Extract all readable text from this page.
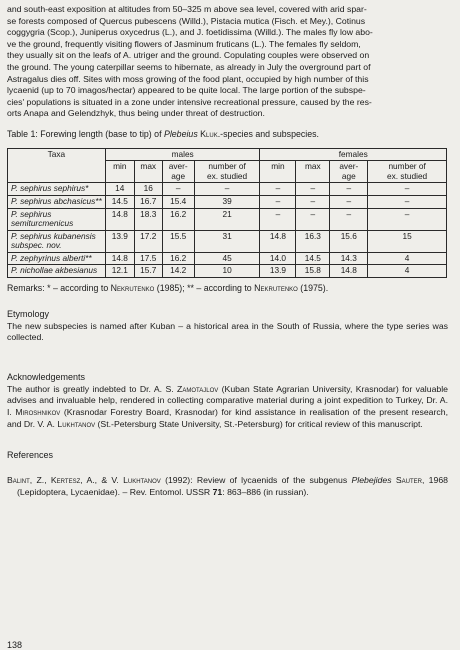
and south-east exposition at altitudes from 50–325 m above sea level, covered with arid spar-
se forests composed of Quercus pubescens (Willd.), Pistacia mutica (Fisch. et Mey.), Cotinus
coggygria (Scop.), Juniperus oxycedrus (L.), and J. foetidissima (Willd.). The males fly low abo-
ve the ground, frequently visiting flowers of Jasminum fruticans (L.). The females fly seldom,
they usually sit on the leafs of A. utriger and the ground. Copulating couples were observed on
the ground. The young caterpillar seems to hibernate, as already in July the overground part of
Astragalus dies off. Sites with moss growing of the food plant, occupied by high number of this
lycaenid (up to 70 imagos/hectar) appeared to be quite local. The large portion of the subspe-
cies' populations is situated in a zone under intensive recreational pressure, caused by the res-
orts Anapa and Gelendzhyk, thus being under threat of destruction.

Table 1: Forewing length (base to tip) of Plebeius Kluk.-species and subspecies.

Taxa	males				females			
	min	max	aver-
age	number of
ex. studied	min	max	aver-
age	number of
ex. studied
P. sephirus sephirus*	14	16	–	–	–	–	–	–
P. sephirus abchasicus**	14.5	16.7	15.4	39	–	–	–	–
P. sephirus
semiturcmenicus	14.8	18.3	16.2	21	–	–	–	–
P. sephirus kubanensis
subspec. nov.	13.9	17.2	15.5	31	14.8	16.3	15.6	15
P. zephyrinus alberti**	14.8	17.5	16.2	45	14.0	14.5	14.3	4
P. nichollae akbesianus	12.1	15.7	14.2	10	13.9	15.8	14.8	4

Remarks: * – according to Nekrutenko (1985); ** – according to Nekrutenko (1975).

Etymology

The new subspecies is named after Kuban – a historical area in the South of Russia, where the type series was collected.

Acknowledgements

The author is greatly indebted to Dr. A. S. Zamotajlov (Kuban State Agrarian University, Krasnodar) for valuable advises and invaluable help, rendered in collecting comparative material during a joint expedition to Turkey, Dr. A. I. Miroshnikov (Krasnodar Forestry Board, Krasnodar) for kind assistance in realisation of the present research, and Dr. V. A. Lukhtanov (St.-Petersburg State University, St.-Petersburg) for critical review of this manuscript.

References

Balint, Z., Kertesz, A., & V. Lukhtanov (1992): Review of lycaenids of the subgenus Plebejides Sauter, 1968 (Lepidoptera, Lycaenidae). – Rev. Entomol. USSR 71: 863–886 (in russian).

138
